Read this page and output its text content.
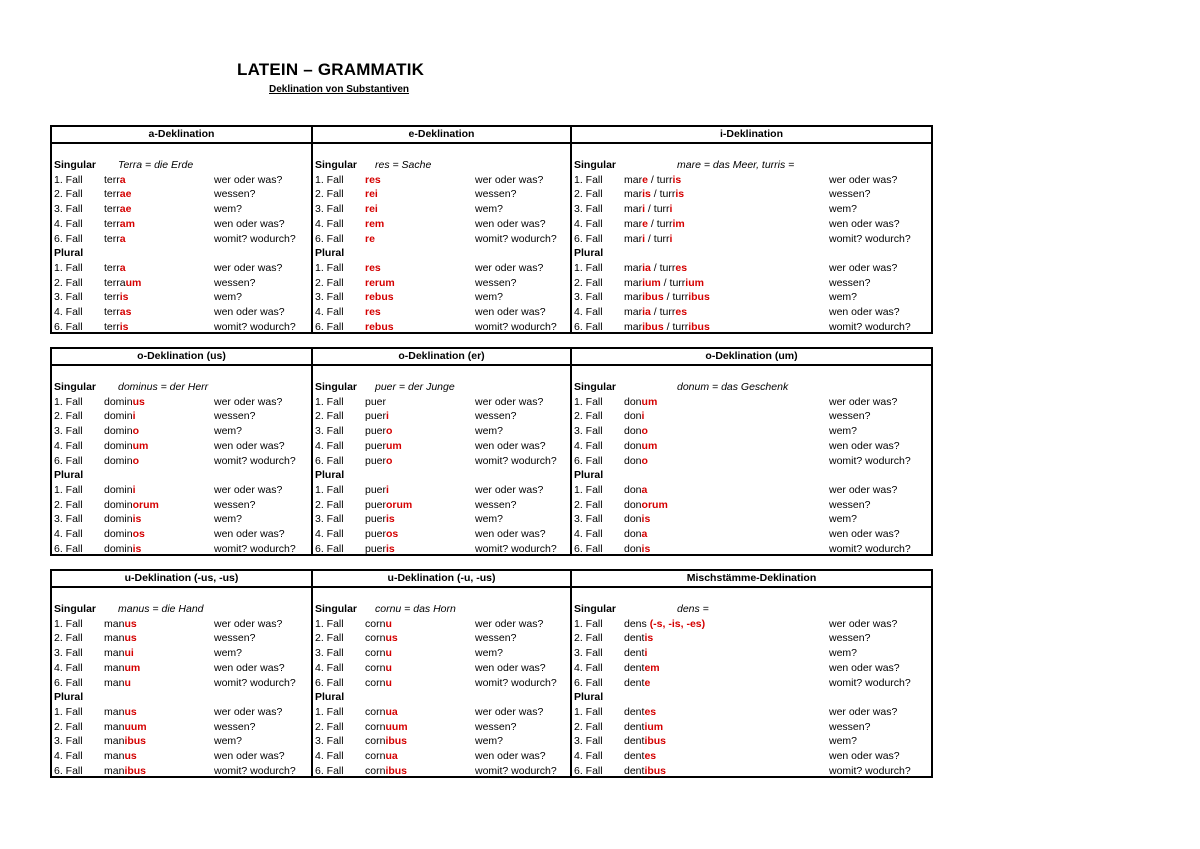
LATEIN – GRAMMATIK
Deklination von Substantiven
a-Deklination
Singular Terra = die Erde
1. Fall terra	wer oder was?
2. Fall terrae	wessen?
3. Fall terrae	wem?
4. Fall terram	wen oder was?
6. Fall terra	womit? wodurch?
Plural
1. Fall terra	wer oder was?
2. Fall terraum	wessen?
3. Fall terris	wem?
4. Fall terras	wen oder was?
6. Fall terris	womit? wodurch?
e-Deklination
Singular res = Sache
1. Fall res	wer oder was?
2. Fall rei	wessen?
3. Fall rei	wem?
4. Fall rem	wen oder was?
6. Fall re	womit? wodurch?
Plural
1. Fall res	wer oder was?
2. Fall rerum	wessen?
3. Fall rebus	wem?
4. Fall res	wen oder was?
6. Fall rebus	womit? wodurch?
i-Deklination
Singular	mare = das Meer, turris =
1. Fall mare / turris	wer oder was?
2. Fall maris / turris	wessen?
3. Fall mari / turri	wem?
4. Fall mare / turrim	wen oder was?
6. Fall mari / turri	womit? wodurch?
Plural
1. Fall maria / turres	wer oder was?
2. Fall marium / turrium	wessen?
3. Fall maribus / turribus	wem?
4. Fall maria / turres	wen oder was?
6. Fall maribus / turribus	womit? wodurch?
o-Deklination (us)
Singular dominus = der Herr
1. Fall dominus	wer oder was?
2. Fall domini	wessen?
3. Fall domino	wem?
4. Fall dominum	wen oder was?
6. Fall domino	womit? wodurch?
Plural
1. Fall domini	wer oder was?
2. Fall dominorum	wessen?
3. Fall dominis	wem?
4. Fall dominos	wen oder was?
6. Fall dominis	womit? wodurch?
o-Deklination (er)
Singular puer = der Junge
1. Fall puer	wer oder was?
2. Fall pueri	wessen?
3. Fall puero	wem?
4. Fall puerum	wen oder was?
6. Fall puero	womit? wodurch?
Plural
1. Fall pueri	wer oder was?
2. Fall puerorum	wessen?
3. Fall pueris	wem?
4. Fall pueros	wen oder was?
6. Fall pueris	womit? wodurch?
o-Deklination (um)
Singular	donum = das Geschenk
1. Fall donum	wer oder was?
2. Fall doni	wessen?
3. Fall dono	wem?
4. Fall donum	wen oder was?
6. Fall dono	womit? wodurch?
Plural
1. Fall dona	wer oder was?
2. Fall donorum	wessen?
3. Fall donis	wem?
4. Fall dona	wen oder was?
6. Fall donis	womit? wodurch?
u-Deklination (-us, -us)
Singular manus = die Hand
1. Fall manus	wer oder was?
2. Fall manus	wessen?
3. Fall manui	wem?
4. Fall manum	wen oder was?
6. Fall manu	womit? wodurch?
Plural
1. Fall manus	wer oder was?
2. Fall manuum	wessen?
3. Fall manibus	wem?
4. Fall manus	wen oder was?
6. Fall manibus	womit? wodurch?
u-Deklination (-u, -us)
Singular cornu = das Horn
1. Fall cornu	wer oder was?
2. Fall cornus	wessen?
3. Fall cornu	wem?
4. Fall cornu	wen oder was?
6. Fall cornu	womit? wodurch?
Plural
1. Fall cornua	wer oder was?
2. Fall cornuum	wessen?
3. Fall cornibus	wem?
4. Fall cornua	wen oder was?
6. Fall cornibus	womit? wodurch?
Mischstämme-Deklination
Singular	dens =
1. Fall dens (-s, -is, -es)	wer oder was?
2. Fall dentis	wessen?
3. Fall denti	wem?
4. Fall dentem	wen oder was?
6. Fall dente	womit? wodurch?
Plural
1. Fall dentes	wer oder was?
2. Fall dentium	wessen?
3. Fall dentibus	wem?
4. Fall dentes	wen oder was?
6. Fall dentibus	womit? wodurch?
